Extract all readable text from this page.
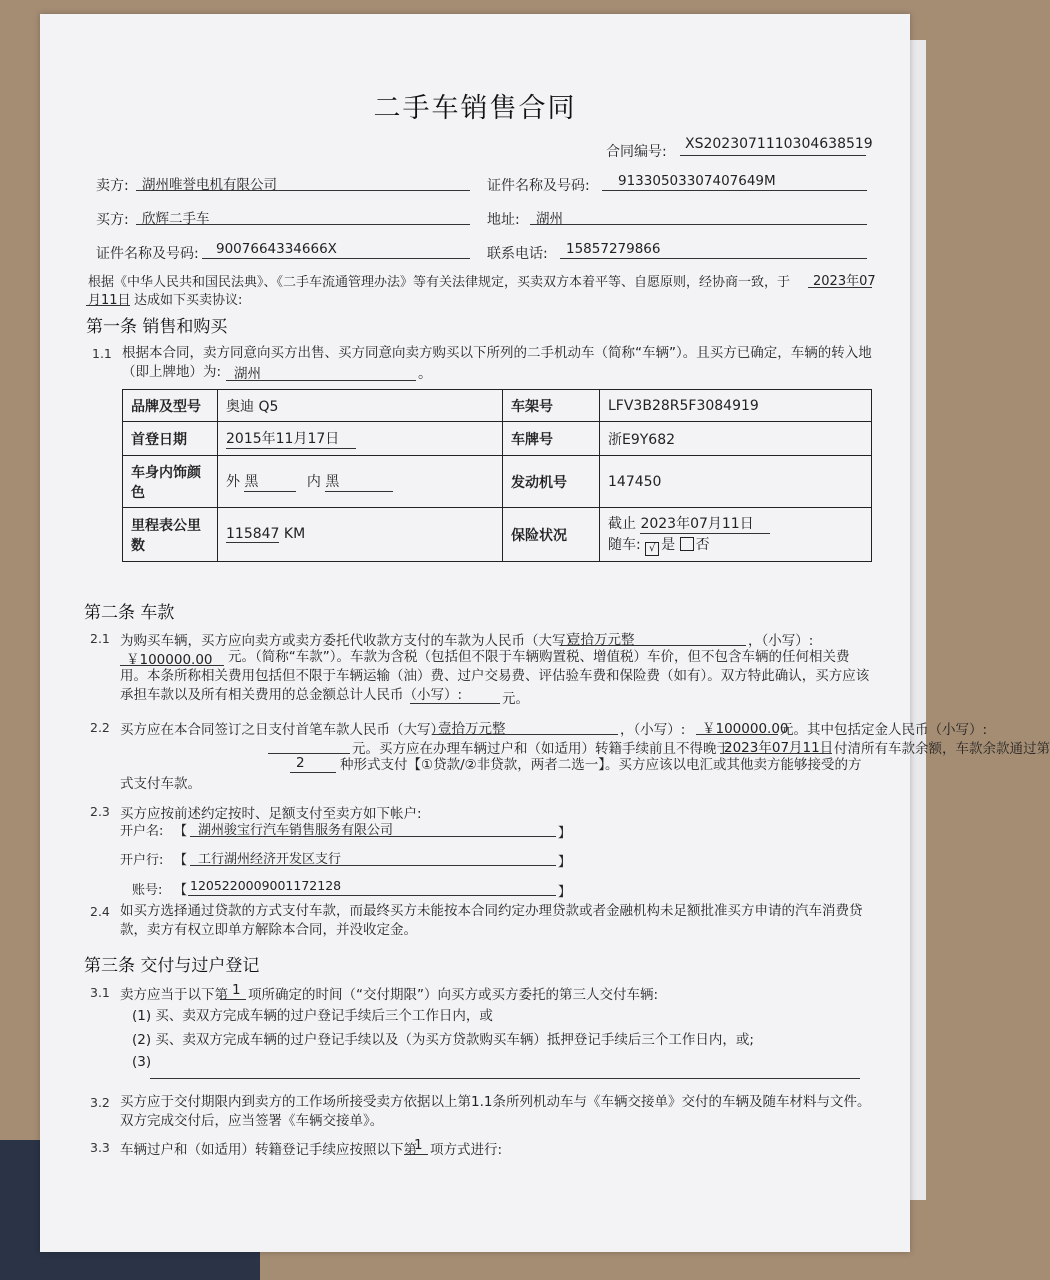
二手车销售合同
合同编号: XS202307111030​4638519
卖方: 湖州唯誉电机有限公司	证件名称及号码: 91330503307407649M
买方: 欣辉二手车	地址: 湖州
证件名称及号码: 9007664334666X	联系电话: 15857279866
根据《中华人民共和国民法典》、《二手车流通管理办法》等有关法律规定，买卖双方本着平等、自愿原则，经协商一致，于 2023年07
月11日 达成如下买卖协议:
第一条 销售和购买
1.1 根据本合同，卖方同意向买方出售、买方同意向卖方购买以下所列的二手机动车（简称“车辆”）。且买方已确定，车辆的转入地（即上牌地）为: 湖州	。
品牌及型号	奥迪 Q5	车架号	LFV3B28R5F3084919
首登日期	2015年11月17日	车牌号	浙E9Y682
车身内饰颜色	外 黑 内 黑	发动机号	147450
里程表公里数	115847 KM	保险状况	截止 2023年07月11日
随车: √ 是 否
第二条 车款
2.1 为购买车辆，买方应向卖方或卖方委托代收款方支付的车款为人民币（大写）
壹拾万元整	，（小写）:
￥100000.00	元。（简称“车款”）。车款为含税（包括但不限于车辆购置税、增值税）车价，但不包含车辆的任何相关费用。本条所称相关费用包括但不限于车辆运输（油）费、过户交易费、评估验车费和保险费（如有）。双方特此确认，买方应该承担车款以及所有相关费用的总金额总计人民币（小写）:	元。
2.2 买方应在本合同签订之日支付首笔车款人民币（大写）
壹拾万元整	，（小写）: ￥100000.00
元。其中包括定金人民币（小写）:
元。买方应在办理车辆过户和（如适用）转籍手续前且不得晚于
2023年07月11日 付清所有车款余额，车款余款通过第
2	种形式支付【①贷款/②非贷款，两者二选一】。买方应该以电汇或其他卖方能够接受的方式支付车款。
2.3 买方应按前述约定按时、足额支付至卖方如下帐户:
开户名: 【 湖州骏宝行汽车销售服务有限公司	】
开户行: 【 工行湖州经济开发区支行	】
账号: 【 1205220009001172128	】
2.4 如买方选择通过贷款的方式支付车款，而最终买方未能按本合同约定办理贷款或者金融机构未足额批准买方申请的汽车消费贷款，卖方有权立即单方解除本合同，并没收定金。
第三条 交付与过户登记
3.1 卖方应当于以下第 1 项所确定的时间（“交付期限”）向买方或买方委托的第三人交付车辆:
(1) 买、卖双方完成车辆的过户登记手续后三个工作日内，或
(2) 买、卖双方完成车辆的过户登记手续以及（为买方贷款购买车辆）抵押登记手续后三个工作日内，或;
(3)
3.2 买方应于交付期限内到卖方的工作场所接受卖方依据以上第1.1条所列机动车与《车辆交接单》交付的车辆及随车材料与文件。双方完成交付后，应当签署《车辆交接单》。
3.3 车辆过户和（如适用）转籍登记手续应按照以下第
1 项方式进行:
